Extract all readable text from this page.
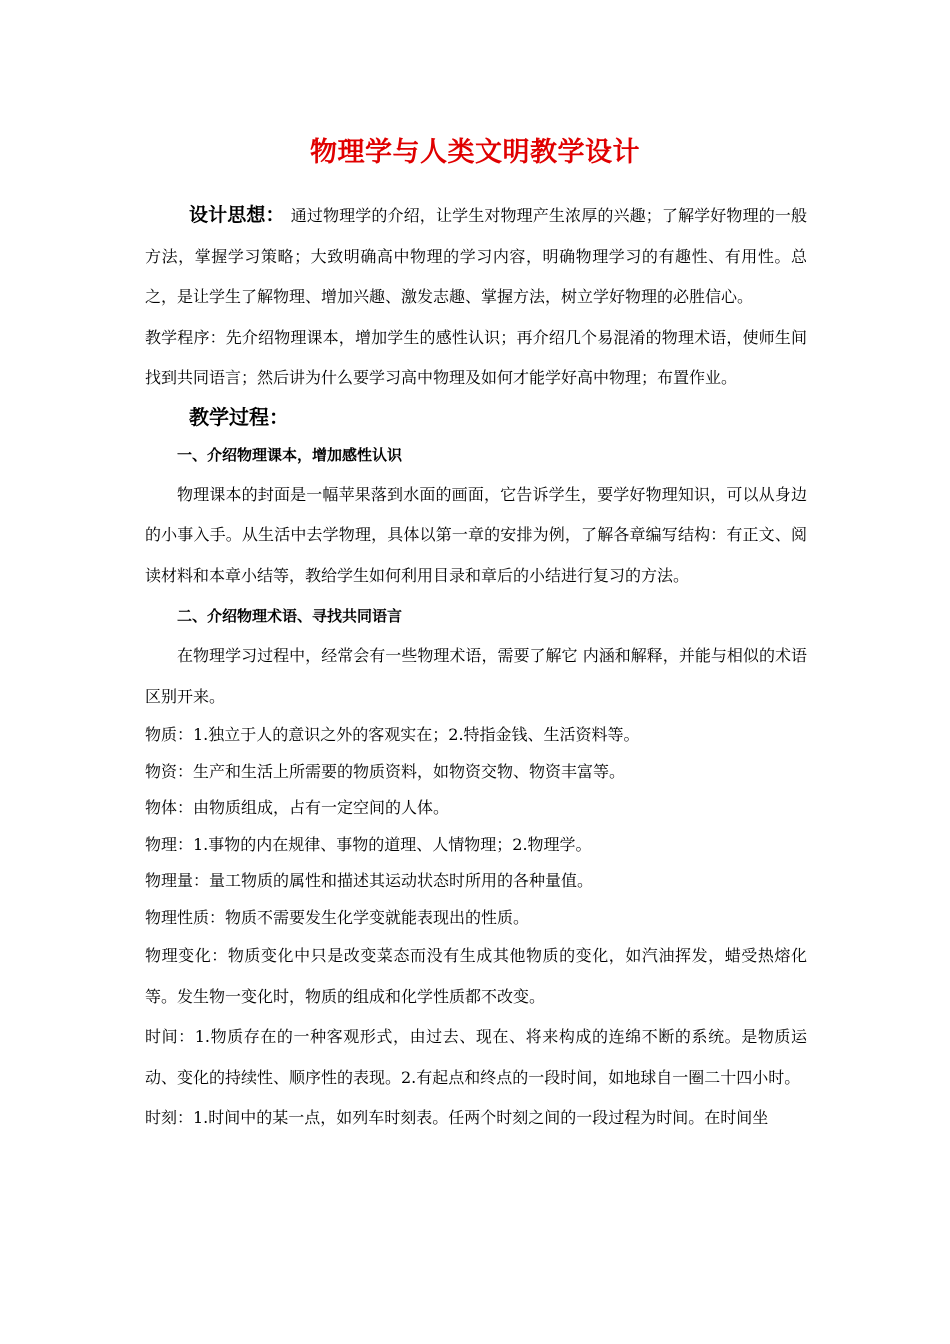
物理学与人类文明教学设计

设计思想： 通过物理学的介绍，让学生对物理产生浓厚的兴趣；了解学好物理的一般方法，掌握学习策略；大致明确高中物理的学习内容，明确物理学习的有趣性、有用性。总之，是让学生了解物理、增加兴趣、激发志趣、掌握方法，树立学好物理的必胜信心。

教学程序：先介绍物理课本，增加学生的感性认识；再介绍几个易混淆的物理术语，使师生间找到共同语言；然后讲为什么要学习高中物理及如何才能学好高中物理；布置作业。

教学过程：

一、介绍物理课本，增加感性认识

物理课本的封面是一幅苹果落到水面的画面，它告诉学生，要学好物理知识，可以从身边的小事入手。从生活中去学物理，具体以第一章的安排为例，了解各章编写结构：有正文、阅读材料和本章小结等，教给学生如何利用目录和章后的小结进行复习的方法。

二、介绍物理术语、寻找共同语言

在物理学习过程中，经常会有一些物理术语，需要了解它 内涵和解释，并能与相似的术语区别开来。

物质：1.独立于人的意识之外的客观实在；2.特指金钱、生活资料等。

物资：生产和生活上所需要的物质资料，如物资交物、物资丰富等。

物体：由物质组成，占有一定空间的人体。

物理：1.事物的内在规律、事物的道理、人情物理；2.物理学。

物理量：量工物质的属性和描述其运动状态时所用的各种量值。

物理性质：物质不需要发生化学变就能表现出的性质。

物理变化：物质变化中只是改变菜态而没有生成其他物质的变化，如汽油挥发，蜡受热熔化等。发生物一变化时，物质的组成和化学性质都不改变。

时间：1.物质存在的一种客观形式，由过去、现在、将来构成的连绵不断的系统。是物质运动、变化的持续性、顺序性的表现。2.有起点和终点的一段时间，如地球自一圈二十四小时。

时刻：1.时间中的某一点，如列车时刻表。任两个时刻之间的一段过程为时间。在时间坐
